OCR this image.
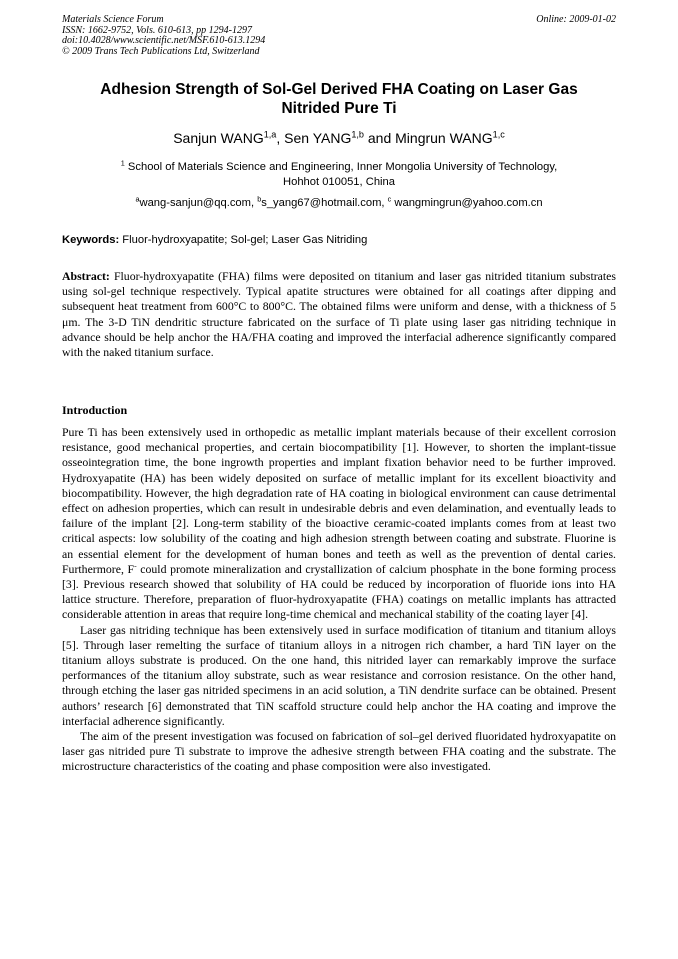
Materials Science Forum
ISSN: 1662-9752, Vols. 610-613, pp 1294-1297
doi:10.4028/www.scientific.net/MSF.610-613.1294
© 2009 Trans Tech Publications Ltd, Switzerland
Online: 2009-01-02
Adhesion Strength of Sol-Gel Derived FHA Coating on Laser Gas
Nitrided Pure Ti
Sanjun WANG$^{1,a}$, Sen YANG$^{1,b}$ and Mingrun WANG$^{1,c}$
$^1$ School of Materials Science and Engineering, Inner Mongolia University of Technology,
Hohhot 010051, China
$^a$wang-sanjun@qq.com, $^b$s_yang67@hotmail.com, $^c$ wangmingrun@yahoo.com.cn
Keywords: Fluor-hydroxyapatite; Sol-gel; Laser Gas Nitriding
Abstract: Fluor-hydroxyapatite (FHA) films were deposited on titanium and laser gas nitrided titanium substrates using sol-gel technique respectively. Typical apatite structures were obtained for all coatings after dipping and subsequent heat treatment from 600°C to 800°C. The obtained films were uniform and dense, with a thickness of 5 μm. The 3-D TiN dendritic structure fabricated on the surface of Ti plate using laser gas nitriding technique in advance should be help anchor the HA/FHA coating and improved the interfacial adherence significantly compared with the naked titanium surface.
Introduction

Pure Ti has been extensively used in orthopedic as metallic implant materials because of their excellent corrosion resistance, good mechanical properties, and certain biocompatibility [1]. However, to shorten the implant-tissue osseointegration time, the bone ingrowth properties and implant fixation behavior need to be further improved. Hydroxyapatite (HA) has been widely deposited on surface of metallic implant for its excellent bioactivity and biocompatibility. However, the high degradation rate of HA coating in biological environment can cause detrimental effect on adhesion properties, which can result in undesirable debris and even delamination, and eventually leads to failure of the implant [2]. Long-term stability of the bioactive ceramic-coated implants comes from at least two critical aspects: low solubility of the coating and high adhesion strength between coating and substrate. Fluorine is an essential element for the development of human bones and teeth as well as the prevention of dental caries. Furthermore, F- could promote mineralization and crystallization of calcium phosphate in the bone forming process [3]. Previous research showed that solubility of HA could be reduced by incorporation of fluoride ions into HA lattice structure. Therefore, preparation of fluor-hydroxyapatite (FHA) coatings on metallic implants has attracted considerable attention in areas that require long-time chemical and mechanical stability of the coating layer [4].

Laser gas nitriding technique has been extensively used in surface modification of titanium and titanium alloys [5]. Through laser remelting the surface of titanium alloys in a nitrogen rich chamber, a hard TiN layer on the titanium alloys substrate is produced. On the one hand, this nitrided layer can remarkably improve the surface performances of the titanium alloy substrate, such as wear resistance and corrosion resistance. On the other hand, through etching the laser gas nitrided specimens in an acid solution, a TiN dendrite surface can be obtained. Present authors’ research [6] demonstrated that TiN scaffold structure could help anchor the HA coating and improve the interfacial adherence significantly.

The aim of the present investigation was focused on fabrication of sol–gel derived fluoridated hydroxyapatite on laser gas nitrided pure Ti substrate to improve the adhesive strength between FHA coating and the substrate. The microstructure characteristics of the coating and phase composition were also investigated.
